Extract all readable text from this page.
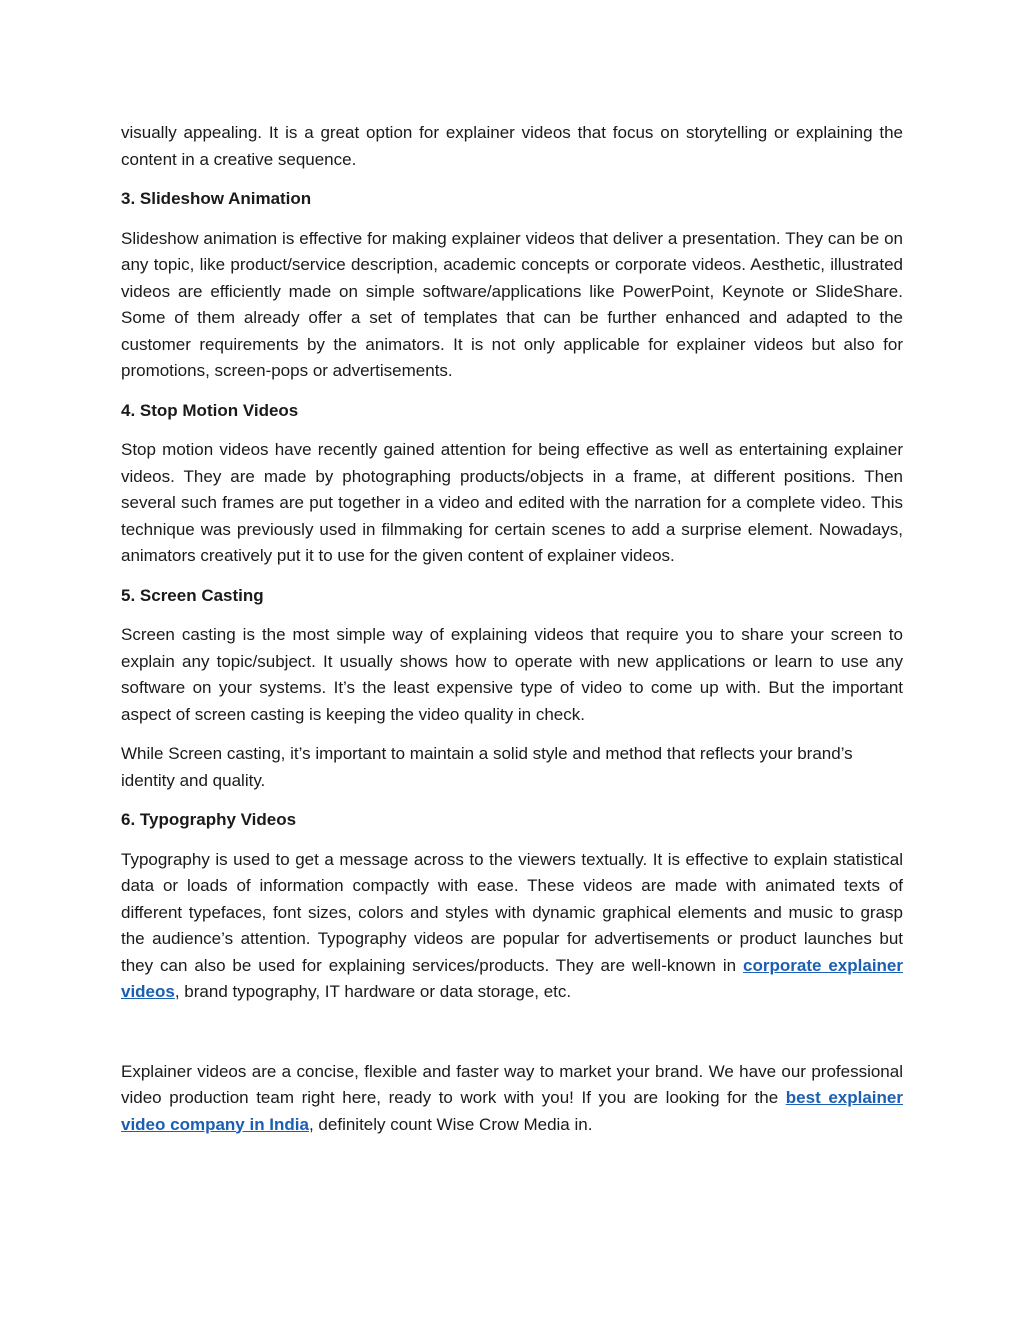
visually appealing. It is a great option for explainer videos that focus on storytelling or explaining the content in a creative sequence.

3. Slideshow Animation

Slideshow animation is effective for making explainer videos that deliver a presentation. They can be on any topic, like product/service description, academic concepts or corporate videos. Aesthetic, illustrated videos are efficiently made on simple software/applications like PowerPoint, Keynote or SlideShare. Some of them already offer a set of templates that can be further enhanced and adapted to the customer requirements by the animators. It is not only applicable for explainer videos but also for promotions, screen-pops or advertisements.

4. Stop Motion Videos

Stop motion videos have recently gained attention for being effective as well as entertaining explainer videos. They are made by photographing products/objects in a frame, at different positions. Then several such frames are put together in a video and edited with the narration for a complete video. This technique was previously used in filmmaking for certain scenes to add a surprise element. Nowadays, animators creatively put it to use for the given content of explainer videos.

5. Screen Casting

Screen casting is the most simple way of explaining videos that require you to share your screen to explain any topic/subject. It usually shows how to operate with new applications or learn to use any software on your systems. It’s the least expensive type of video to come up with. But the important aspect of screen casting is keeping the video quality in check.

While Screen casting, it’s important to maintain a solid style and method that reflects your brand’s identity and quality.

6. Typography Videos

Typography is used to get a message across to the viewers textually. It is effective to explain statistical data or loads of information compactly with ease. These videos are made with animated texts of different typefaces, font sizes, colors and styles with dynamic graphical elements and music to grasp the audience’s attention. Typography videos are popular for advertisements or product launches but they can also be used for explaining services/products. They are well-known in corporate explainer videos, brand typography, IT hardware or data storage, etc.

Explainer videos are a concise, flexible and faster way to market your brand. We have our professional video production team right here, ready to work with you! If you are looking for the best explainer video company in India, definitely count Wise Crow Media in.
